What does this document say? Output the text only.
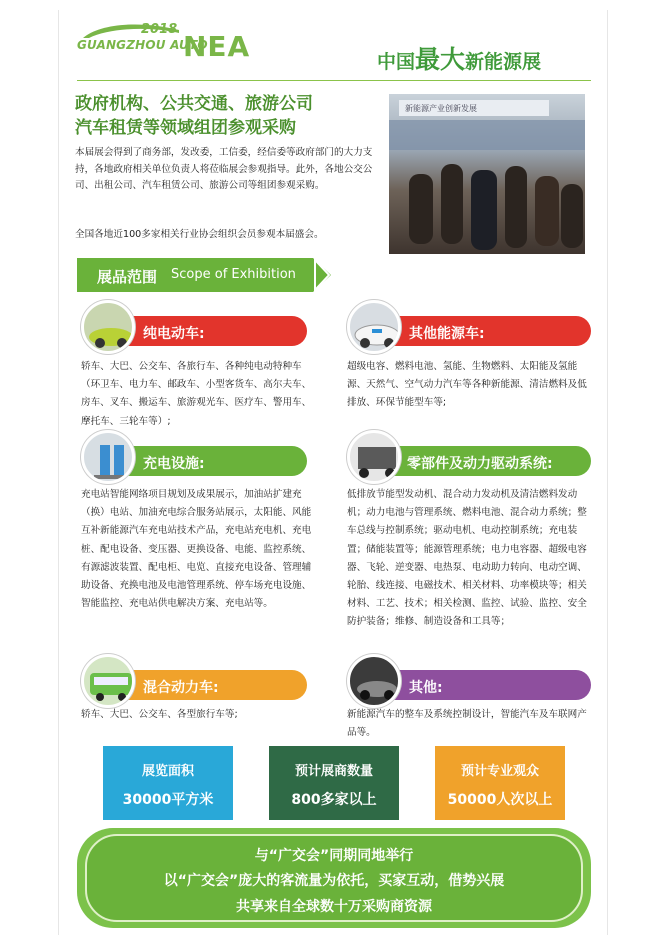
2018
GUANGZHOU AUTO
NEA	中国最大新能源展
政府机构、公共交通、旅游公司
汽车租赁等领域组团参观采购
本届展会得到了商务部，发改委，工信委，经信委等政府部门的大力支持，各地政府相关单位负责人将莅临展会参观指导。此外，各地公交公司、出租公司、汽车租赁公司、旅游公司等组团参观采购。
全国各地近100多家相关行业协会组织会员参观本届盛会。
新能源产业创新发展
展品范围 Scope of Exhibition
纯电动车:
轿车、大巴、公交车、各旅行车、各种纯电动特种车（环卫车、电力车、邮政车、小型客货车、高尔夫车、房车、叉车、搬运车、旅游观光车、医疗车、警用车、摩托车、三轮车等）;
其他能源车:
超级电容、燃料电池、氢能、生物燃料、太阳能及氢能源、天然气、空气动力汽车等各种新能源、清洁燃料及低排放、环保节能型车等;
充电设施:
充电站智能网络项目规划及成果展示，加油站扩建充（换）电站、加油充电综合服务站展示，太阳能、风能互补新能源汽车充电站技术产品，充电站充电机、充电桩、配电设备、变压器、更换设备、电能、监控系统、有源滤波装置、配电柜、电览、直接充电设备、管理辅助设备、充换电池及电池管理系统、停车场充电设施、智能监控、充电站供电解决方案、充电站等。
零部件及动力驱动系统:
低排放节能型发动机、混合动力发动机及清洁燃料发动机；动力电池与管理系统、燃料电池、混合动力系统；整车总线与控制系统；驱动电机、电动控制系统；充电装置；储能装置等；能源管理系统；电力电容器、超级电容器、飞轮、逆变器、电热泵、电动助力转向、电动空调、轮胎、线连接、电磁技术、相关材料、功率模块等；相关材料、工艺、技术；相关检测、监控、试验、监控、安全防护装备；维修、制造设备和工具等；
混合动力车:
轿车、大巴、公交车、各型旅行车等;
其他:
新能源汽车的整车及系统控制设计，智能汽车及车联网产品等。
展览面积
30000平方米
预计展商数量
800多家以上
预计专业观众
50000人次以上
与“广交会”同期同地举行
以“广交会”庞大的客流量为依托，买家互动，借势兴展
共享来自全球数十万采购商资源
